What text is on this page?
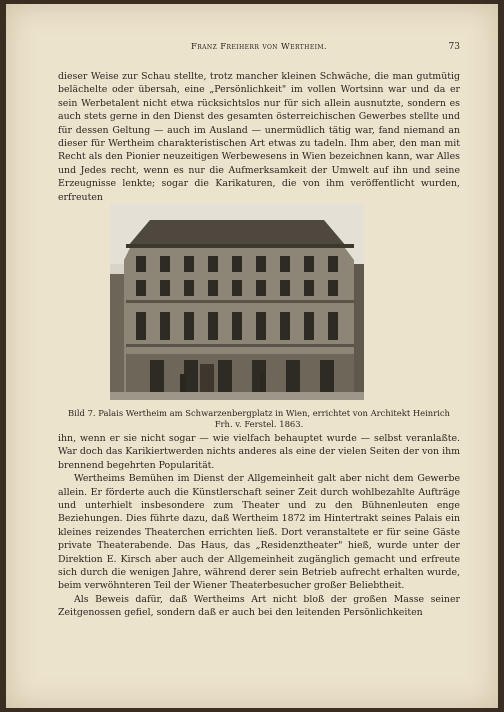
Franz Freiherr von Wertheim.	73

dieser Weise zur Schau stellte, trotz mancher kleinen Schwäche, die man gutmütig belächelte oder übersah, eine „Persönlichkeit" im vollen Wortsinn war und da er sein Werbetalent nicht etwa rücksichtslos nur für sich allein ausnutzte, sondern es auch stets gerne in den Dienst des gesamten österreichischen Gewerbes stellte und für dessen Geltung — auch im Ausland — unermüdlich tätig war, fand niemand an dieser für Wertheim charakteristischen Art etwas zu tadeln. Ihm aber, den man mit Recht als den Pionier neuzeitigen Werbewesens in Wien bezeichnen kann, war Alles und Jedes recht, wenn es nur die Aufmerksamkeit der Umwelt auf ihn und seine Erzeugnisse lenkte; sogar die Karikaturen, die von ihm veröffentlicht wurden, erfreuten

Bild 7. Palais Wertheim am Schwarzenbergplatz in Wien, errichtet von Architekt Heinrich Frh. v. Ferstel. 1863.

ihn, wenn er sie nicht sogar — wie vielfach behauptet wurde — selbst veranlaßte. War doch das Karikiertwerden nichts anderes als eine der vielen Seiten der von ihm brennend begehrten Popularität.

Wertheims Bemühen im Dienst der Allgemeinheit galt aber nicht dem Gewerbe allein. Er förderte auch die Künstlerschaft seiner Zeit durch wohlbezahlte Aufträge und unterhielt insbesondere zum Theater und zu den Bühnenleuten enge Beziehungen. Dies führte dazu, daß Wertheim 1872 im Hintertrakt seines Palais ein kleines reizendes Theaterchen errichten ließ. Dort veranstaltete er für seine Gäste private Theaterabende. Das Haus, das „Residenztheater" hieß, wurde unter der Direktion E. Kirsch aber auch der Allgemeinheit zugänglich gemacht und erfreute sich durch die wenigen Jahre, während derer sein Betrieb aufrecht erhalten wurde, beim verwöhnteren Teil der Wiener Theaterbesucher großer Beliebtheit.

Als Beweis dafür, daß Wertheims Art nicht bloß der großen Masse seiner Zeitgenossen gefiel, sondern daß er auch bei den leitenden Persönlichkeiten
